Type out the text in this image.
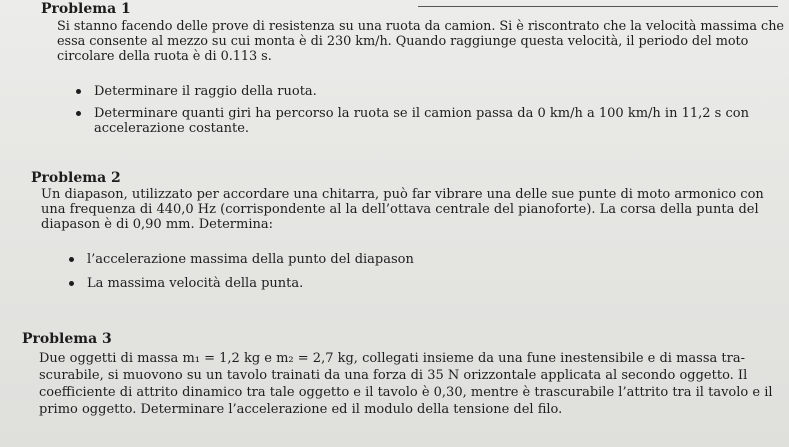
Problema 1
Si stanno facendo delle prove di resistenza su una ruota da camion. Si è riscontrato che la velocità massima che
essa consente al mezzo su cui monta è di 230 km/h. Quando raggiunge questa velocità, il periodo del moto
circolare della ruota è di 0.113 s.
Determinare il raggio della ruota.
Determinare quanti giri ha percorso la ruota se il camion passa da 0 km/h a 100 km/h in 11,2 s con
accelerazione costante.
Problema 2
Un diapason, utilizzato per accordare una chitarra, può far vibrare una delle sue punte di moto armonico con
una frequenza di 440,0 Hz (corrispondente al la dell’ottava centrale del pianoforte). La corsa della punta del
diapason è di 0,90 mm. Determina:
l’accelerazione massima della punto del diapason
La massima velocità della punta.
Problema 3
Due oggetti di massa m₁ = 1,2 kg e m₂ = 2,7 kg, collegati insieme da una fune inestensibile e di massa tra-
scurabile, si muovono su un tavolo trainati da una forza di 35 N orizzontale applicata al secondo oggetto. Il
coefficiente di attrito dinamico tra tale oggetto e il tavolo è 0,30, mentre è trascurabile l’attrito tra il tavolo e il
primo oggetto. Determinare l’accelerazione ed il modulo della tensione del filo.
